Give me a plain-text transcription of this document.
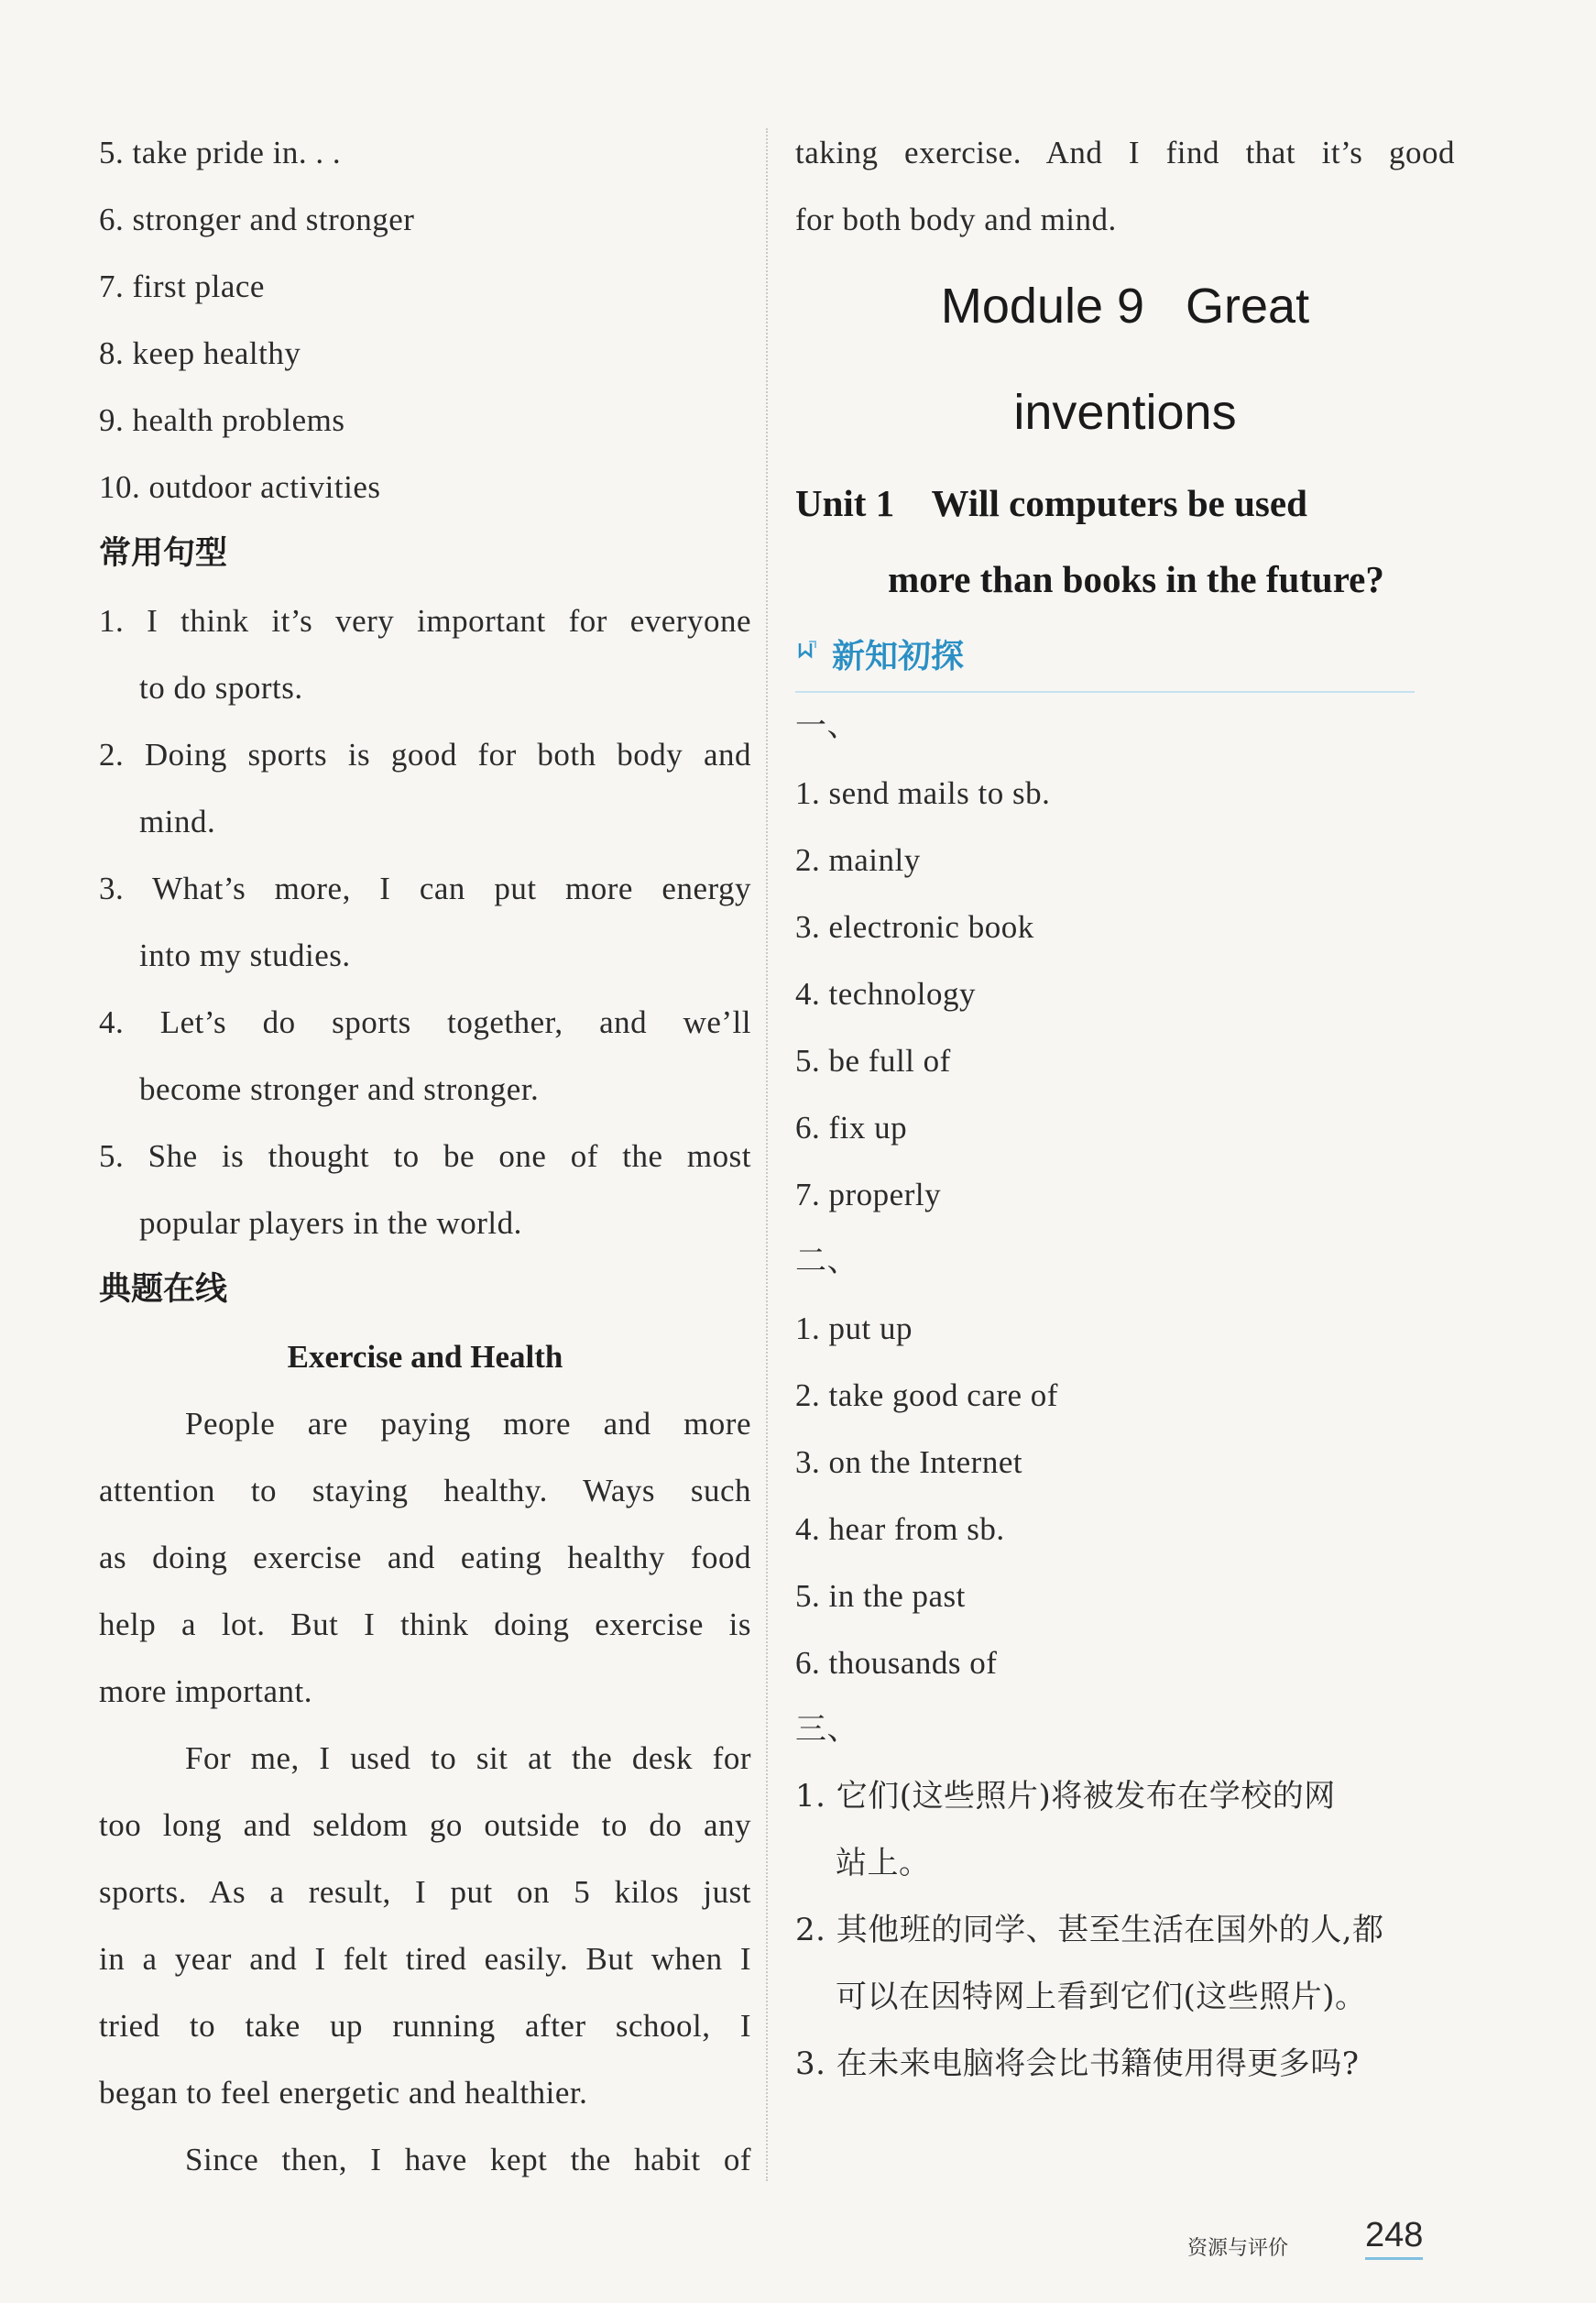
5. take pride in. . .
6. stronger and stronger
7. first place
8. keep healthy
9. health problems
10. outdoor activities
常用句型
1. I think it’s very important for everyone
to do sports.
2. Doing sports is good for both body and
mind.
3. What’s more, I can put more energy
into my studies.
4. Let’s do sports together, and we’ll
become stronger and stronger.
5. She is thought to be one of the most
popular players in the world.
典题在线
Exercise and Health
People are paying more and more
attention to staying healthy. Ways such
as doing exercise and eating healthy food
help a lot. But I think doing exercise is
more important.
For me, I used to sit at the desk for
too long and seldom go outside to do any
sports. As a result, I put on 5 kilos just
in a year and I felt tired easily. But when I
tried to take up running after school, I
began to feel energetic and healthier.
Since then, I have kept the habit of
taking exercise. And I find that it’s good
for both body and mind.
Module 9   Great
inventions
Unit 1    Will computers be used
more than books in the future?
新知初探
一、
1. send mails to sb.
2. mainly
3. electronic book
4. technology
5. be full of
6. fix up
7. properly
二、
1. put up
2. take good care of
3. on the Internet
4. hear from sb.
5. in the past
6. thousands of
三、
1. 它们(这些照片)将被发布在学校的网
站上。
2. 其他班的同学、甚至生活在国外的人,都
可以在因特网上看到它们(这些照片)。
3. 在未来电脑将会比书籍使用得更多吗?
资源与评价 248
